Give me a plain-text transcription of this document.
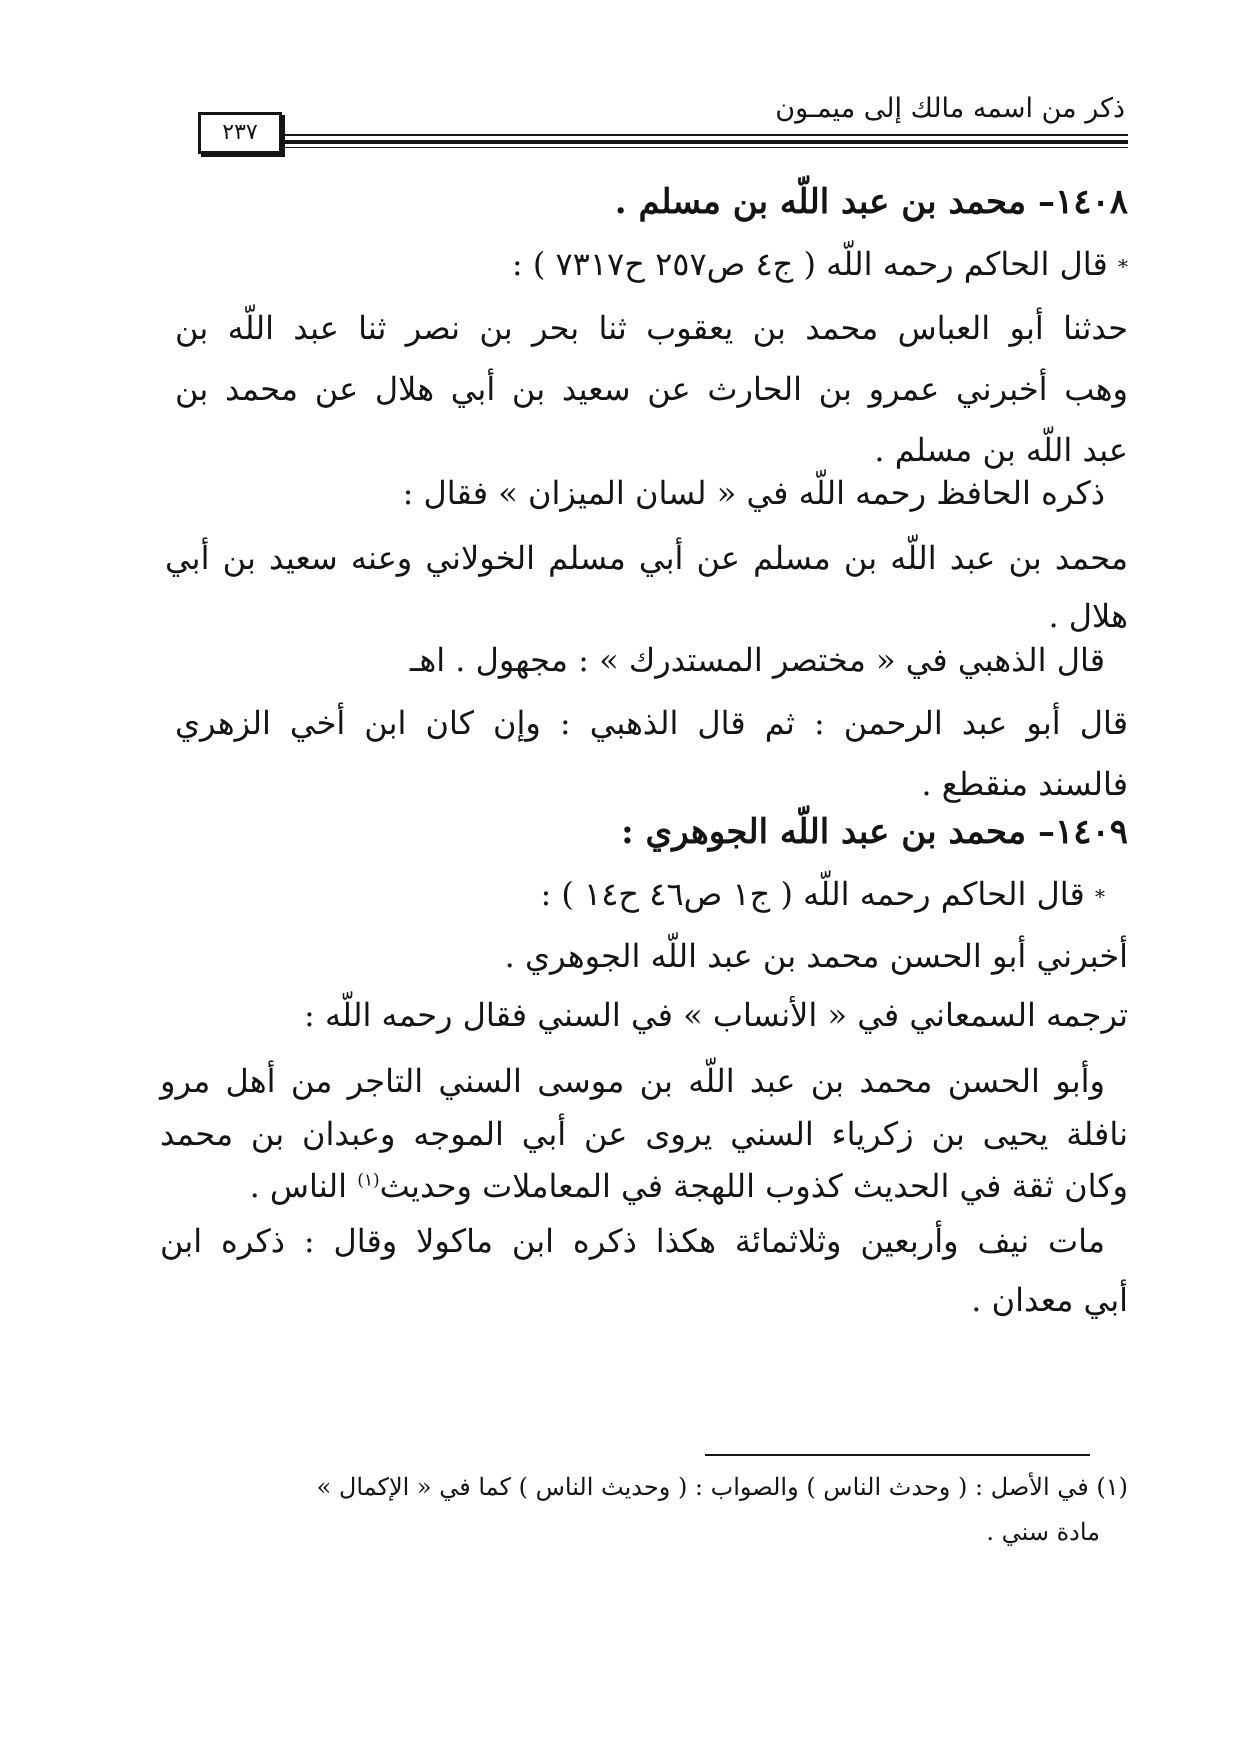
ذكر من اسمه مالك إلى ميمـون
٢٣٧
١٤٠٨– محمد بن عبد اللّه بن مسلم .
* قال الحاكم رحمه اللّه ( ج٤ ص٢٥٧ ح٧٣١٧ ) :
حدثنا أبو العباس محمد بن يعقوب ثنا بحر بن نصر ثنا عبد اللّه بن
وهب أخبرني عمرو بن الحارث عن سعيد بن أبي هلال عن محمد بن
عبد اللّه بن مسلم .
ذكره الحافظ رحمه اللّه في « لسان الميزان » فقال :
محمد بن عبد اللّه بن مسلم عن أبي مسلم الخولاني وعنه سعيد بن أبي
هلال .
قال الذهبي في « مختصر المستدرك » : مجهول . اهـ
قال أبو عبد الرحمن : ثم قال الذهبي : وإن كان ابن أخي الزهري
فالسند منقطع .
١٤٠٩– محمد بن عبد اللّه الجوهري :
* قال الحاكم رحمه اللّه ( ج١ ص٤٦ ح١٤ ) :
أخبرني أبو الحسن محمد بن عبد اللّه الجوهري .
ترجمه السمعاني في « الأنساب » في السني فقال رحمه اللّه :
وأبو الحسن محمد بن عبد اللّه بن موسى السني التاجر من أهل مرو
نافلة يحيى بن زكرياء السني يروى عن أبي الموجه وعبدان بن محمد
وكان ثقة في الحديث كذوب اللهجة في المعاملات وحديث$^{(١)}$ الناس .
مات نيف وأربعين وثلاثمائة هكذا ذكره ابن ماكولا وقال : ذكره ابن
أبي معدان .
(١) في الأصل : ( وحدث الناس ) والصواب : ( وحديث الناس ) كما في « الإكمال »
مادة سني .
